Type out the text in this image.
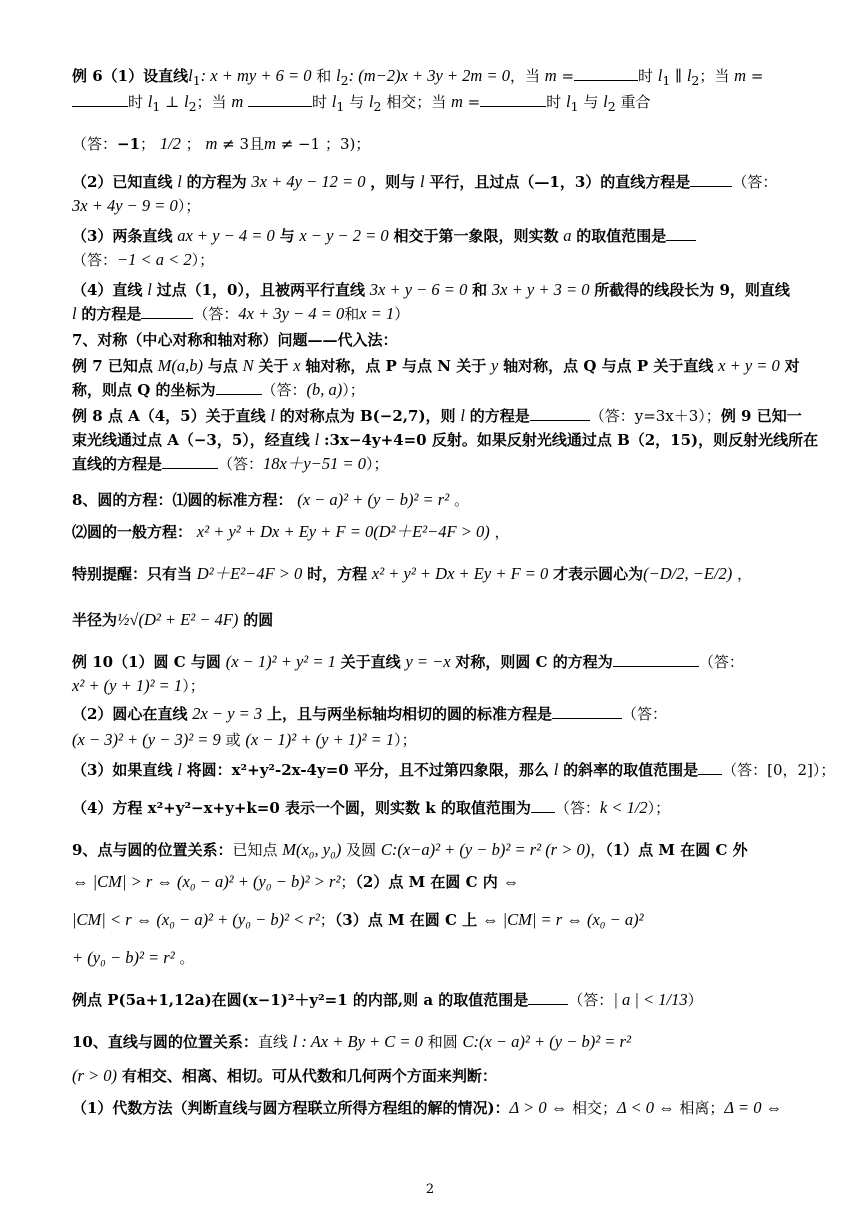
例 6（1）设直线$l_1$: x + my + 6 = 0 和 $l_2$: (m−2)x + 3y + 2m = 0，当 m =	时 $l_1$ ∥ $l_2$；当 m =
时 $l_1$ ⊥ $l_2$；当 m	时 $l_1$ 与 $l_2$ 相交；当 m =	时 $l_1$ 与 $l_2$ 重合
（答：−1； 1/2 ； m ≠ 3且m ≠ −1 ；3)；
（2）已知直线 l 的方程为 3x + 4y − 12 = 0 ，则与 l 平行，且过点（—1，3）的直线方程是	（答：
3x + 4y − 9 = 0）；
（3）两条直线 ax + y − 4 = 0 与 x − y − 2 = 0 相交于第一象限，则实数 a 的取值范围是
（答：−1 < a < 2）；
（4）直线 l 过点（1，0），且被两平行直线 3x + y − 6 = 0 和 3x + y + 3 = 0 所截得的线段长为 9，则直线
l 的方程是	（答：4x + 3y − 4 = 0和x = 1）
7、对称（中心对称和轴对称）问题——代入法：
例 7 已知点 M(a,b) 与点 N 关于 x 轴对称，点 P 与点 N 关于 y 轴对称，点 Q 与点 P 关于直线 x + y = 0 对
称，则点 Q 的坐标为	（答：(b, a)）；
例 8 点 A（4，5）关于直线 l 的对称点为 B(−2,7)，则 l 的方程是	（答：y=3x＋3）；例 9 已知一
束光线通过点 A（−3，5），经直线 l :3x−4y+4=0 反射。如果反射光线通过点 B（2，15)，则反射光线所在
直线的方程是	（答：18x＋y−51 = 0）；
8、圆的方程：⑴圆的标准方程： (x − a)² + (y − b)² = r² 。
⑵圆的一般方程： x² + y² + Dx + Ey + F = 0(D²＋E²−4F > 0) ，
特别提醒：只有当 D²＋E²−4F > 0 时，方程 x² + y² + Dx + Ey + F = 0 才表示圆心为(−D/2, −E/2) ，
半径为½√(D² + E² − 4F) 的圆
例 10（1）圆 C 与圆 (x − 1)² + y² = 1 关于直线 y = −x 对称，则圆 C 的方程为	（答：
x² + (y + 1)² = 1）；
（2）圆心在直线 2x − y = 3 上，且与两坐标轴均相切的圆的标准方程是	（答：
(x − 3)² + (y − 3)² = 9 或 (x − 1)² + (y + 1)² = 1）；
（3）如果直线 l 将圆：x²+y²-2x-4y=0 平分，且不过第四象限，那么 l 的斜率的取值范围是 （答：[0，2]）；
（4）方程 x²+y²−x+y+k=0 表示一个圆，则实数 k 的取值范围为 （答：k < 1/2）；
9、点与圆的位置关系：已知点 M(x₀, y₀) 及圆 C:(x−a)² + (y − b)² = r² (r > 0)，（1）点 M 在圆 C 外
⇔ |CM| > r ⇔ (x₀ − a)² + (y₀ − b)² > r²；（2）点 M 在圆 C 内 ⇔
|CM| < r ⇔ (x₀ − a)² + (y₀ − b)² < r²；（3）点 M 在圆 C 上 ⇔ |CM| = r ⇔ (x₀ − a)²
+ (y₀ − b)² = r² 。
例点 P(5a+1,12a)在圆(x−1)²＋y²=1 的内部,则 a 的取值范围是	（答：| a | < 1/13）
10、直线与圆的位置关系：直线 l : Ax + By + C = 0 和圆 C:(x − a)² + (y − b)² = r²
(r > 0) 有相交、相离、相切。可从代数和几何两个方面来判断：
（1）代数方法（判断直线与圆方程联立所得方程组的解的情况)：Δ > 0 ⇔ 相交；Δ < 0 ⇔ 相离；Δ = 0 ⇔
2
